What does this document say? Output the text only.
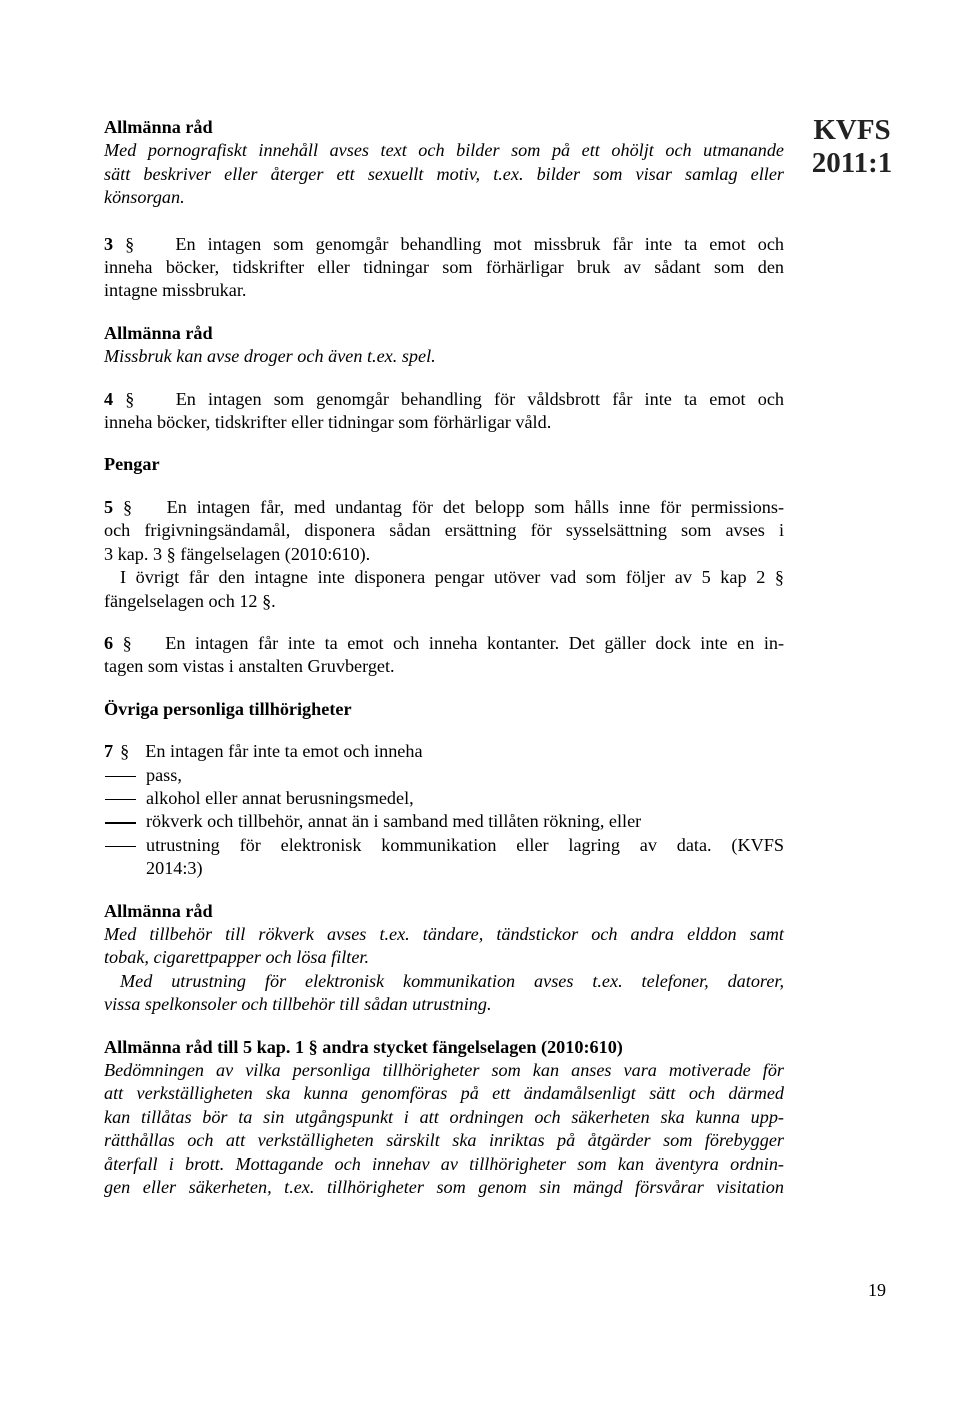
KVFS
2011:1
Allmänna råd
Med pornografiskt innehåll avses text och bilder som på ett ohöljt och utmanande
sätt beskriver eller återger ett sexuellt motiv, t.ex. bilder som visar samlag eller
könsorgan.
3 § En intagen som genomgår behandling mot missbruk får inte ta emot och
inneha böcker, tidskrifter eller tidningar som förhärligar bruk av sådant som den
intagne missbrukar.
Allmänna råd
Missbruk kan avse droger och även t.ex. spel.
4 § En intagen som genomgår behandling för våldsbrott får inte ta emot och
inneha böcker, tidskrifter eller tidningar som förhärligar våld.
Pengar
5 § En intagen får, med undantag för det belopp som hålls inne för permissions-
och frigivningsändamål, disponera sådan ersättning för sysselsättning som avses i
3 kap. 3 § fängelselagen (2010:610).
I övrigt får den intagne inte disponera pengar utöver vad som följer av 5 kap 2 §
fängelselagen och 12 §.
6 § En intagen får inte ta emot och inneha kontanter. Det gäller dock inte en in-
tagen som vistas i anstalten Gruvberget.
Övriga personliga tillhörigheter
7 § En intagen får inte ta emot och inneha
pass,
alkohol eller annat berusningsmedel,
rökverk och tillbehör, annat än i samband med tillåten rökning, eller
utrustning för elektronisk kommunikation eller lagring av data. (KVFS
2014:3)
Allmänna råd
Med tillbehör till rökverk avses t.ex. tändare, tändstickor och andra elddon samt
tobak, cigarettpapper och lösa filter.
Med utrustning för elektronisk kommunikation avses t.ex. telefoner, datorer,
vissa spelkonsoler och tillbehör till sådan utrustning.
Allmänna råd till 5 kap. 1 § andra stycket fängelselagen (2010:610)
Bedömningen av vilka personliga tillhörigheter som kan anses vara motiverade för
att verkställigheten ska kunna genomföras på ett ändamålsenligt sätt och därmed
kan tillåtas bör ta sin utgångspunkt i att ordningen och säkerheten ska kunna upp-
rätthållas och att verkställigheten särskilt ska inriktas på åtgärder som förebygger
återfall i brott. Mottagande och innehav av tillhörigheter som kan äventyra ordnin-
gen eller säkerheten, t.ex. tillhörigheter som genom sin mängd försvårar visitation
19
